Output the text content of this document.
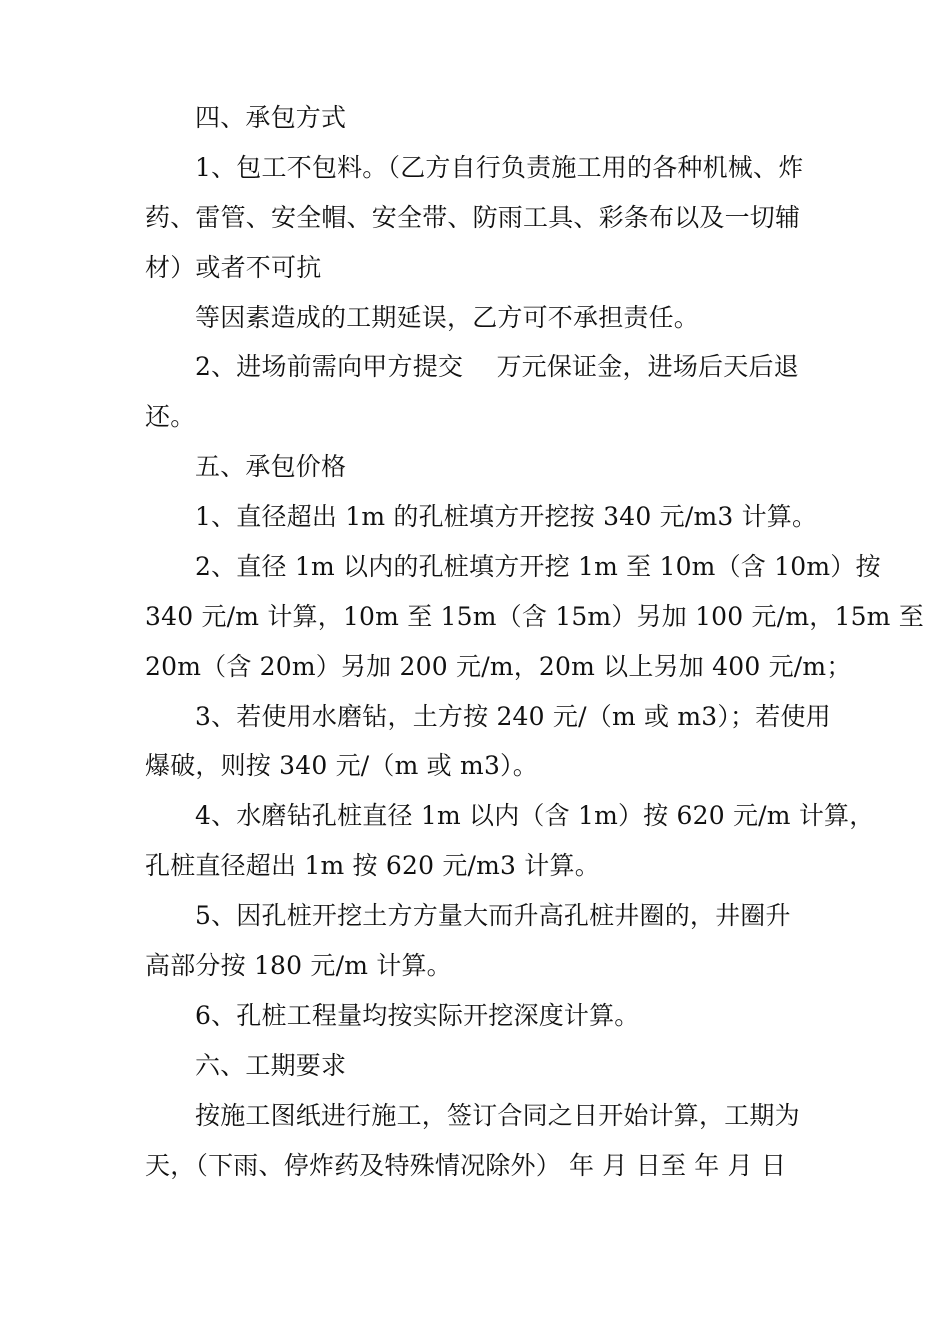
四、承包方式
1、包工不包料。（乙方自行负责施工用的各种机械、炸
药、雷管、安全帽、安全带、防雨工具、彩条布以及一切辅
材）或者不可抗
等因素造成的工期延误，乙方可不承担责任。
2、进场前需向甲方提交　 万元保证金，进场后天后退
还。
五、承包价格
1、直径超出 1m 的孔桩填方开挖按 340 元/m3 计算。
2、直径 1m 以内的孔桩填方开挖 1m 至 10m（含 10m）按
340 元/m 计算，10m 至 15m（含 15m）另加 100 元/m，15m 至
20m（含 20m）另加 200 元/m，20m 以上另加 400 元/m；
3、若使用水磨钻，土方按 240 元/（m 或 m3）；若使用
爆破，则按 340 元/（m 或 m3）。
4、水磨钻孔桩直径 1m 以内（含 1m）按 620 元/m 计算，
孔桩直径超出 1m 按 620 元/m3 计算。
5、因孔桩开挖土方方量大而升高孔桩井圈的，井圈升
高部分按 180 元/m 计算。
6、孔桩工程量均按实际开挖深度计算。
六、工期要求
按施工图纸进行施工，签订合同之日开始计算，工期为
天，（下雨、停炸药及特殊情况除外） 年 月 日至 年 月 日
